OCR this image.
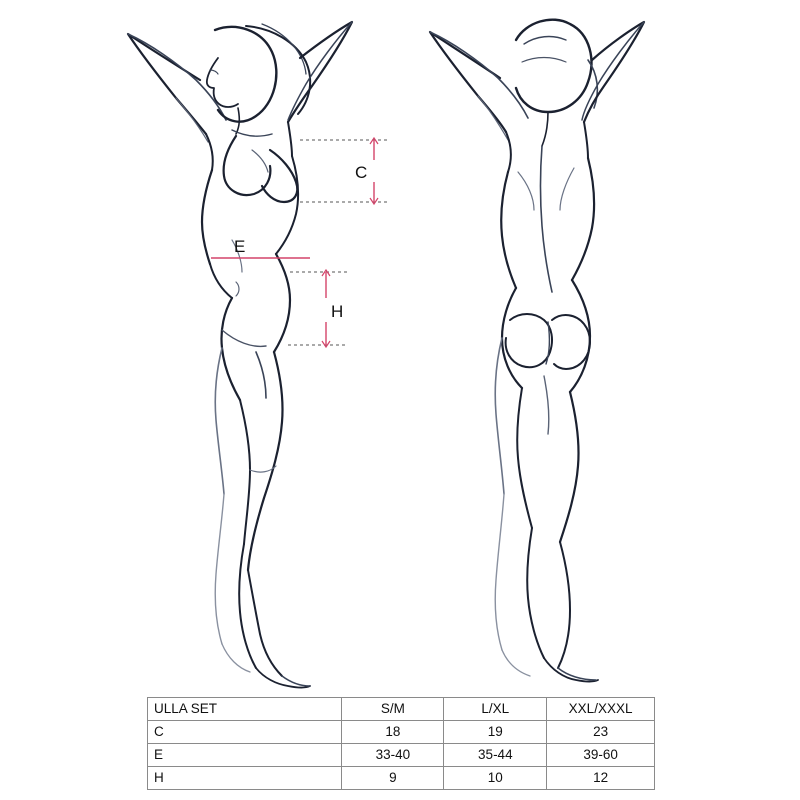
C
E
H
ULLA SET	S/M	L/XL	XXL/XXXL
C	18	19	23
E	33-40	35-44	39-60
H	9	10	12
